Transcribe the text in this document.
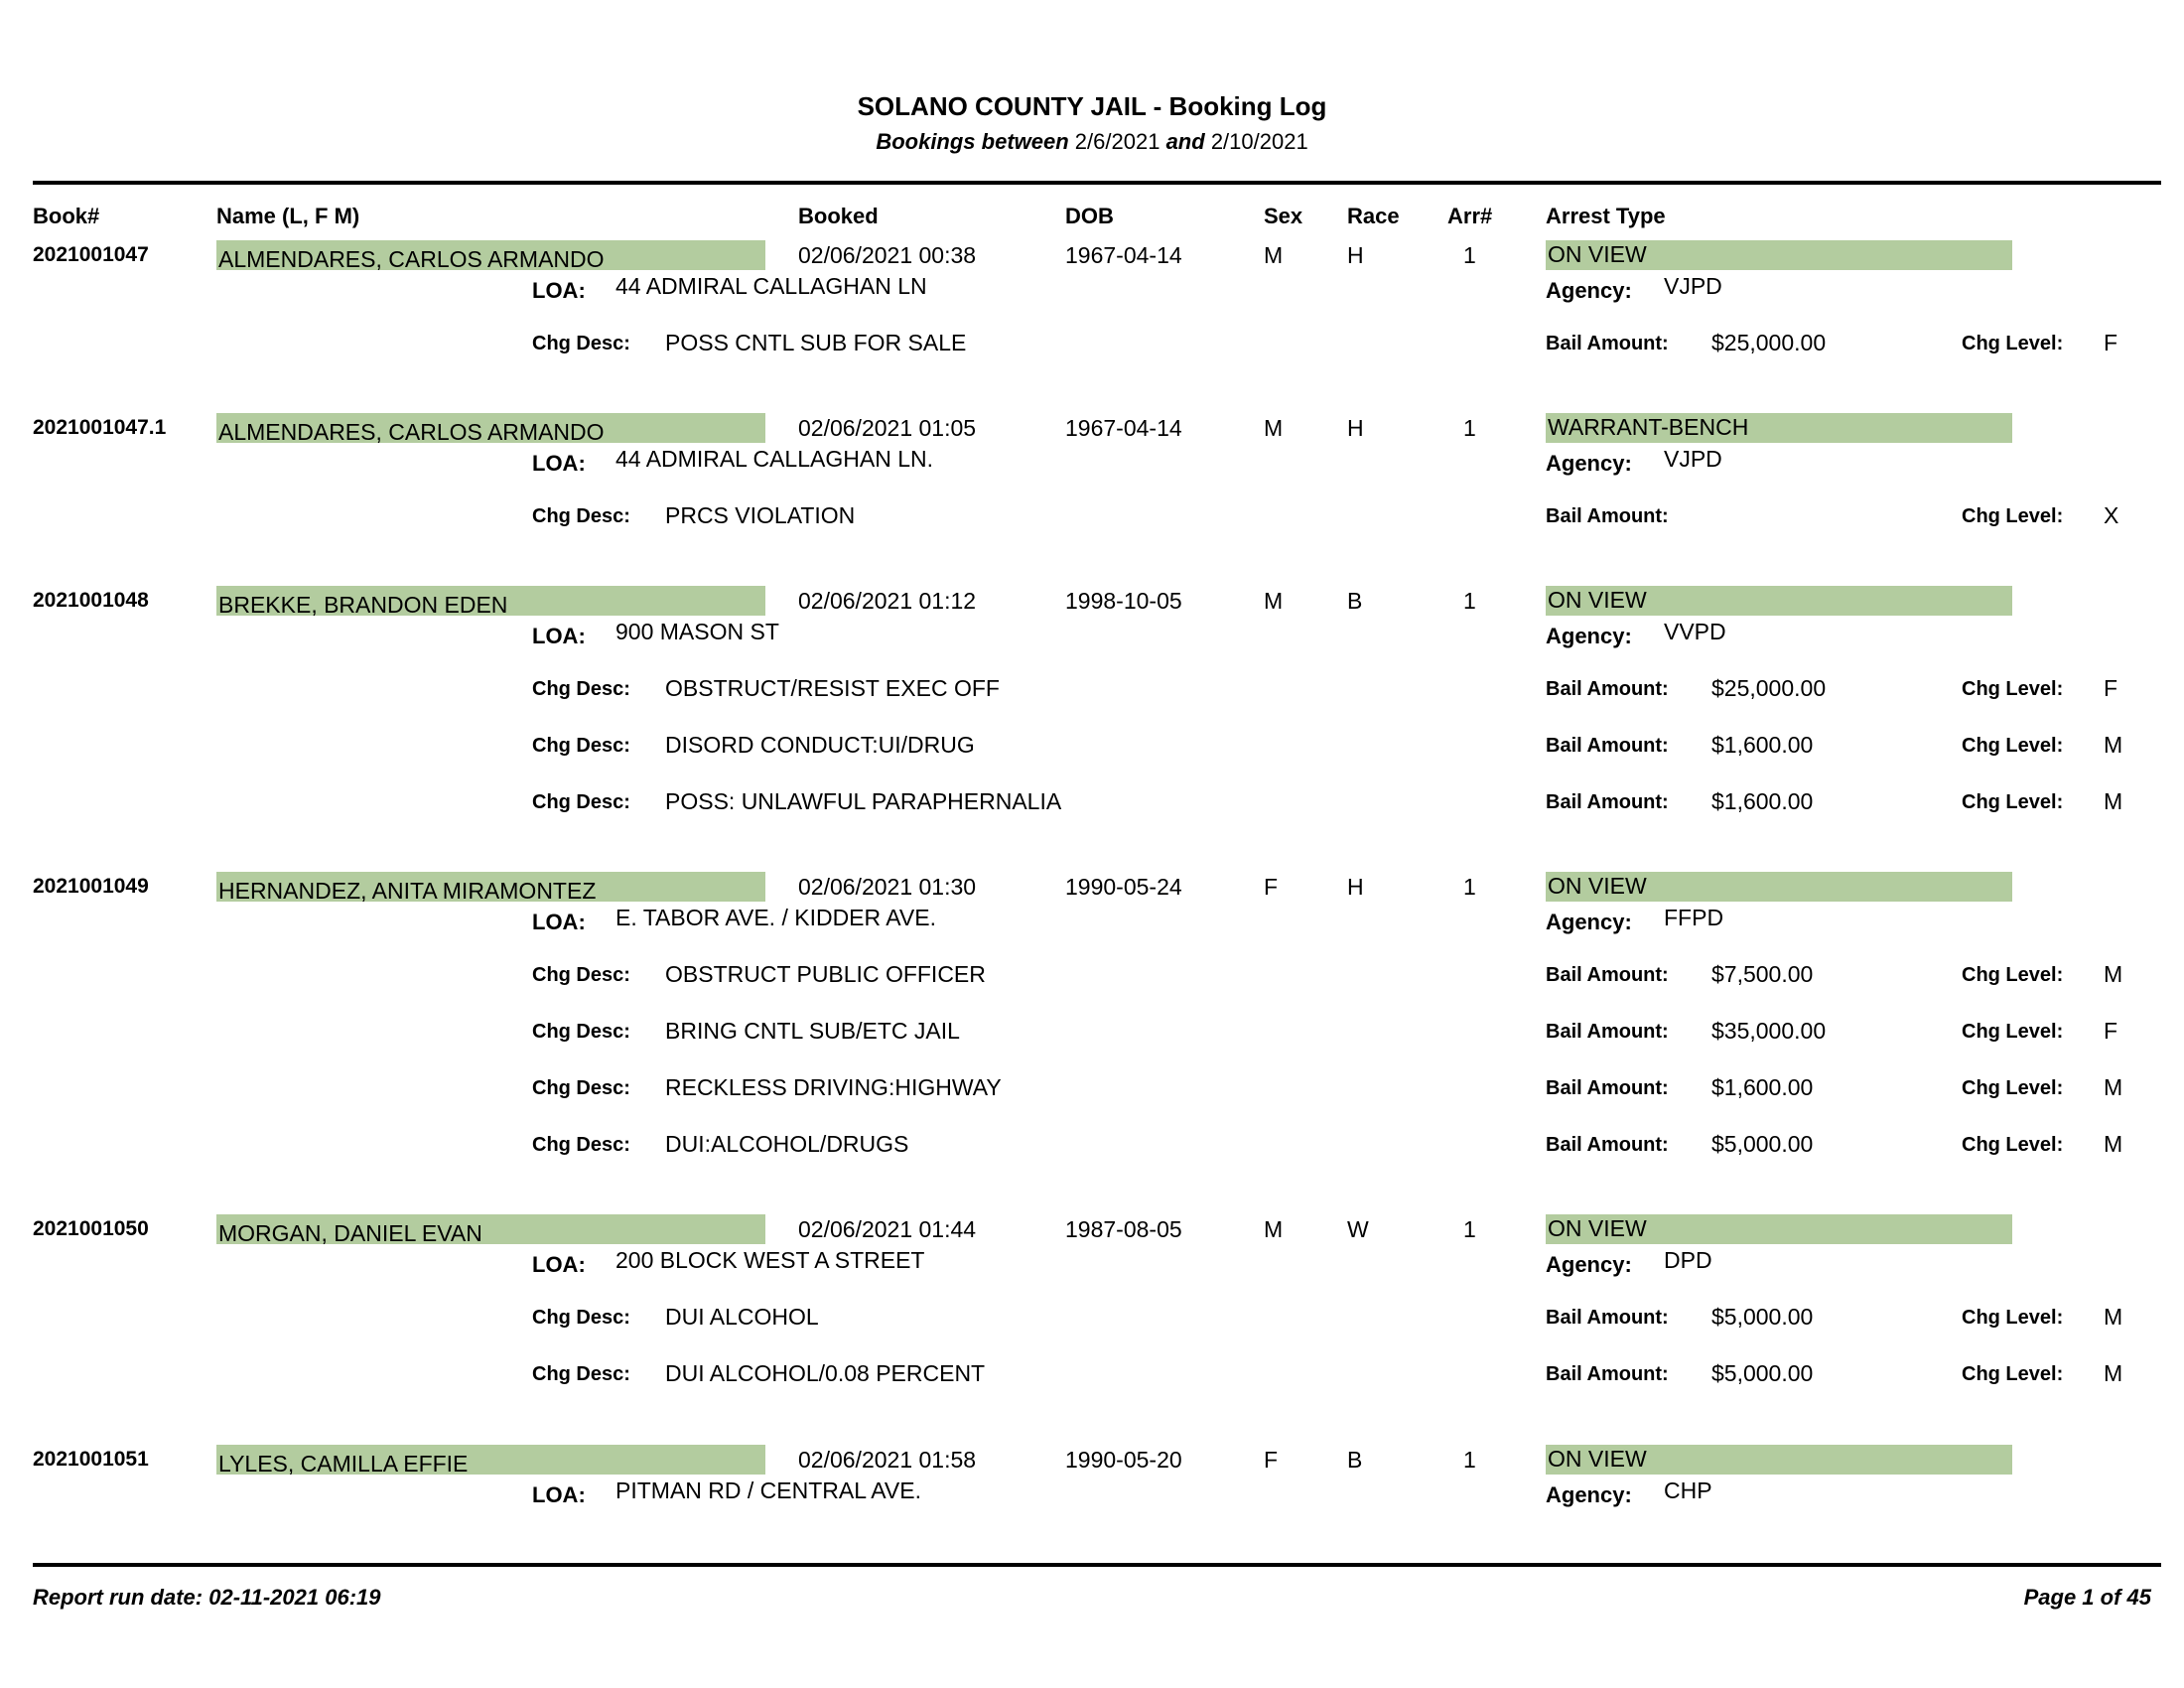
SOLANO COUNTY JAIL - Booking Log
Bookings between 2/6/2021 and 2/10/2021
Book#	Name (L, F M)	Booked	DOB	Sex Race Arr# Arrest Type
2021001047	ALMENDARES, CARLOS ARMANDO	02/06/2021 00:38	1967-04-14	M	H	1	ON VIEW
LOA: 44 ADMIRAL CALLAGHAN LN	Agency: VJPD
Chg Desc: POSS CNTL SUB FOR SALE	Bail Amount: $25,000.00	Chg Level: F
2021001047.1 ALMENDARES, CARLOS ARMANDO	02/06/2021 01:05	1967-04-14	M	H	1	WARRANT-BENCH
LOA: 44 ADMIRAL CALLAGHAN LN.	Agency: VJPD
Chg Desc: PRCS VIOLATION	Bail Amount:	Chg Level: X
2021001048	BREKKE, BRANDON EDEN	02/06/2021 01:12	1998-10-05	M	B	1	ON VIEW
LOA: 900 MASON ST	Agency: VVPD
Chg Desc: OBSTRUCT/RESIST EXEC OFF	Bail Amount: $25,000.00	Chg Level: F
Chg Desc: DISORD CONDUCT:UI/DRUG	Bail Amount: $1,600.00	Chg Level: M
Chg Desc: POSS: UNLAWFUL PARAPHERNALIA	Bail Amount: $1,600.00	Chg Level: M
2021001049	HERNANDEZ, ANITA MIRAMONTEZ	02/06/2021 01:30	1990-05-24	F	H	1	ON VIEW
LOA: E. TABOR AVE. / KIDDER AVE.	Agency: FFPD
Chg Desc: OBSTRUCT PUBLIC OFFICER	Bail Amount: $7,500.00	Chg Level: M
Chg Desc: BRING CNTL SUB/ETC JAIL	Bail Amount: $35,000.00	Chg Level: F
Chg Desc: RECKLESS DRIVING:HIGHWAY	Bail Amount: $1,600.00	Chg Level: M
Chg Desc: DUI:ALCOHOL/DRUGS	Bail Amount: $5,000.00	Chg Level: M
2021001050	MORGAN, DANIEL EVAN	02/06/2021 01:44	1987-08-05	M	W	1	ON VIEW
LOA: 200 BLOCK WEST A STREET	Agency: DPD
Chg Desc: DUI ALCOHOL	Bail Amount: $5,000.00	Chg Level: M
Chg Desc: DUI ALCOHOL/0.08 PERCENT	Bail Amount: $5,000.00	Chg Level: M
2021001051	LYLES, CAMILLA EFFIE	02/06/2021 01:58	1990-05-20	F	B	1	ON VIEW
LOA: PITMAN RD / CENTRAL AVE.	Agency: CHP
Report run date: 02-11-2021 06:19	Page 1 of 45
